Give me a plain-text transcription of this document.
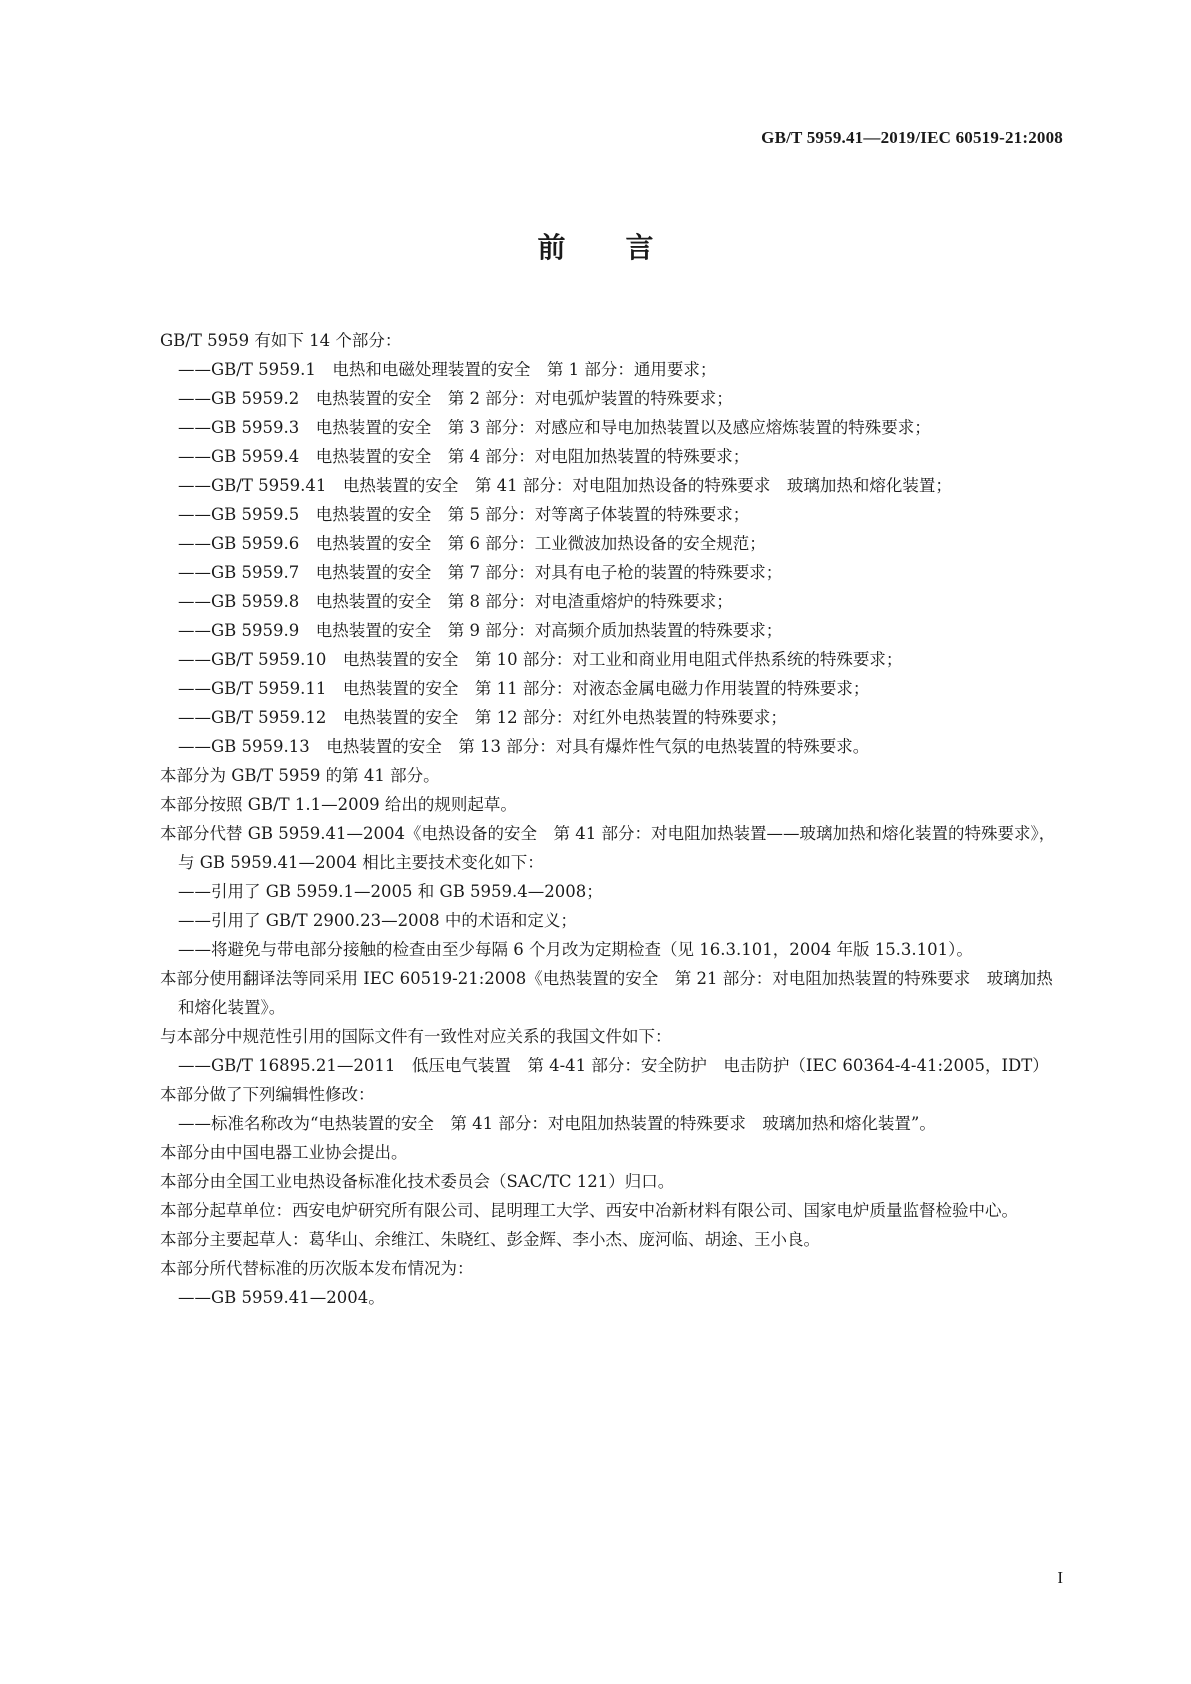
GB/T 5959.41—2019/IEC 60519-21:2008
前 言
GB/T 5959 有如下 14 个部分：
——GB/T 5959.1　电热和电磁处理装置的安全　第 1 部分：通用要求；
——GB 5959.2　电热装置的安全　第 2 部分：对电弧炉装置的特殊要求；
——GB 5959.3　电热装置的安全　第 3 部分：对感应和导电加热装置以及感应熔炼装置的特殊要求；
——GB 5959.4　电热装置的安全　第 4 部分：对电阻加热装置的特殊要求；
——GB/T 5959.41　电热装置的安全　第 41 部分：对电阻加热设备的特殊要求　玻璃加热和熔化装置；
——GB 5959.5　电热装置的安全　第 5 部分：对等离子体装置的特殊要求；
——GB 5959.6　电热装置的安全　第 6 部分：工业微波加热设备的安全规范；
——GB 5959.7　电热装置的安全　第 7 部分：对具有电子枪的装置的特殊要求；
——GB 5959.8　电热装置的安全　第 8 部分：对电渣重熔炉的特殊要求；
——GB 5959.9　电热装置的安全　第 9 部分：对高频介质加热装置的特殊要求；
——GB/T 5959.10　电热装置的安全　第 10 部分：对工业和商业用电阻式伴热系统的特殊要求；
——GB/T 5959.11　电热装置的安全　第 11 部分：对液态金属电磁力作用装置的特殊要求；
——GB/T 5959.12　电热装置的安全　第 12 部分：对红外电热装置的特殊要求；
——GB 5959.13　电热装置的安全　第 13 部分：对具有爆炸性气氛的电热装置的特殊要求。
本部分为 GB/T 5959 的第 41 部分。
本部分按照 GB/T 1.1—2009 给出的规则起草。
本部分代替 GB 5959.41—2004《电热设备的安全　第 41 部分：对电阻加热装置——玻璃加热和熔化装置的特殊要求》，与 GB 5959.41—2004 相比主要技术变化如下：
——引用了 GB 5959.1—2005 和 GB 5959.4—2008；
——引用了 GB/T 2900.23—2008 中的术语和定义；
——将避免与带电部分接触的检查由至少每隔 6 个月改为定期检查（见 16.3.101，2004 年版 15.3.101）。
本部分使用翻译法等同采用 IEC 60519-21:2008《电热装置的安全　第 21 部分：对电阻加热装置的特殊要求　玻璃加热和熔化装置》。
与本部分中规范性引用的国际文件有一致性对应关系的我国文件如下：
——GB/T 16895.21—2011　低压电气装置　第 4-41 部分：安全防护　电击防护（IEC 60364-4-41:2005，IDT）
本部分做了下列编辑性修改：
——标准名称改为“电热装置的安全　第 41 部分：对电阻加热装置的特殊要求　玻璃加热和熔化装置”。
本部分由中国电器工业协会提出。
本部分由全国工业电热设备标准化技术委员会（SAC/TC 121）归口。
本部分起草单位：西安电炉研究所有限公司、昆明理工大学、西安中冶新材料有限公司、国家电炉质量监督检验中心。
本部分主要起草人：葛华山、余维江、朱晓红、彭金辉、李小杰、庞河临、胡途、王小良。
本部分所代替标准的历次版本发布情况为：
——GB 5959.41—2004。
I
